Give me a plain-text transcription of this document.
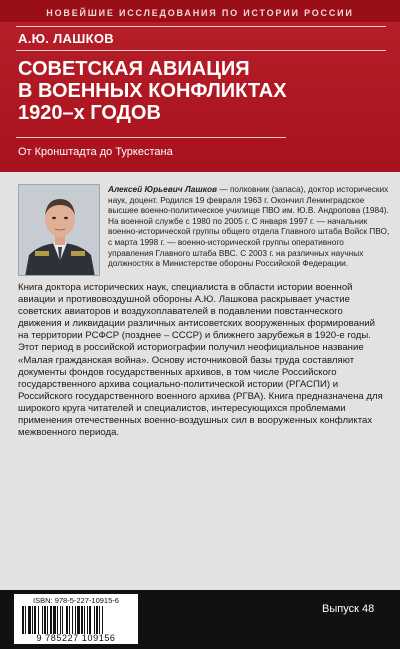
НОВЕЙШИЕ ИССЛЕДОВАНИЯ ПО ИСТОРИИ РОССИИ
А.Ю. ЛАШКОВ
СОВЕТСКАЯ АВИАЦИЯ
В ВОЕННЫХ КОНФЛИКТАХ
1920–х ГОДОВ
От Кронштадта до Туркестана
Алексей Юрьевич Лашков — полковник (запаса), доктор исторических наук, доцент. Родился 19 февраля 1963 г. Окончил Ленинградское высшее военно-политическое училище ПВО им. Ю.В. Андропова (1984). На военной службе с 1980 по 2005 г. С января 1997 г. — начальник военно-исторической группы общего отдела Главного штаба Войск ПВО, с марта 1998 г. — военно-исторической группы оперативного управления Главного штаба ВВС. С 2003 г. на различных научных должностях в Министерстве обороны Российской Федерации.
Книга доктора исторических наук, специалиста в области истории военной авиации и противовоздушной обороны А.Ю. Лашкова раскрывает участие советских авиаторов и воздухоплавателей в подавлении повстанческого движения и ликвидации различных антисоветских вооруженных формирований на территории РСФСР (позднее – СССР) и ближнего зарубежья в 1920-е годы. Этот период в российской историографии получил неофициальное название «Малая гражданская война». Основу источниковой базы труда составляют документы фондов государственных архивов, в том числе Российского государственного архива социально-политической истории (РГАСПИ) и Российского государственного военного архива (РГВА). Книга предназначена для широкого круга читателей и специалистов, интересующихся проблемами применения отечественных военно-воздушных сил в вооруженных конфликтах межвоенного периода.
ISBN: 978-5-227-10915-6
9 785227 109156
Выпуск 48
